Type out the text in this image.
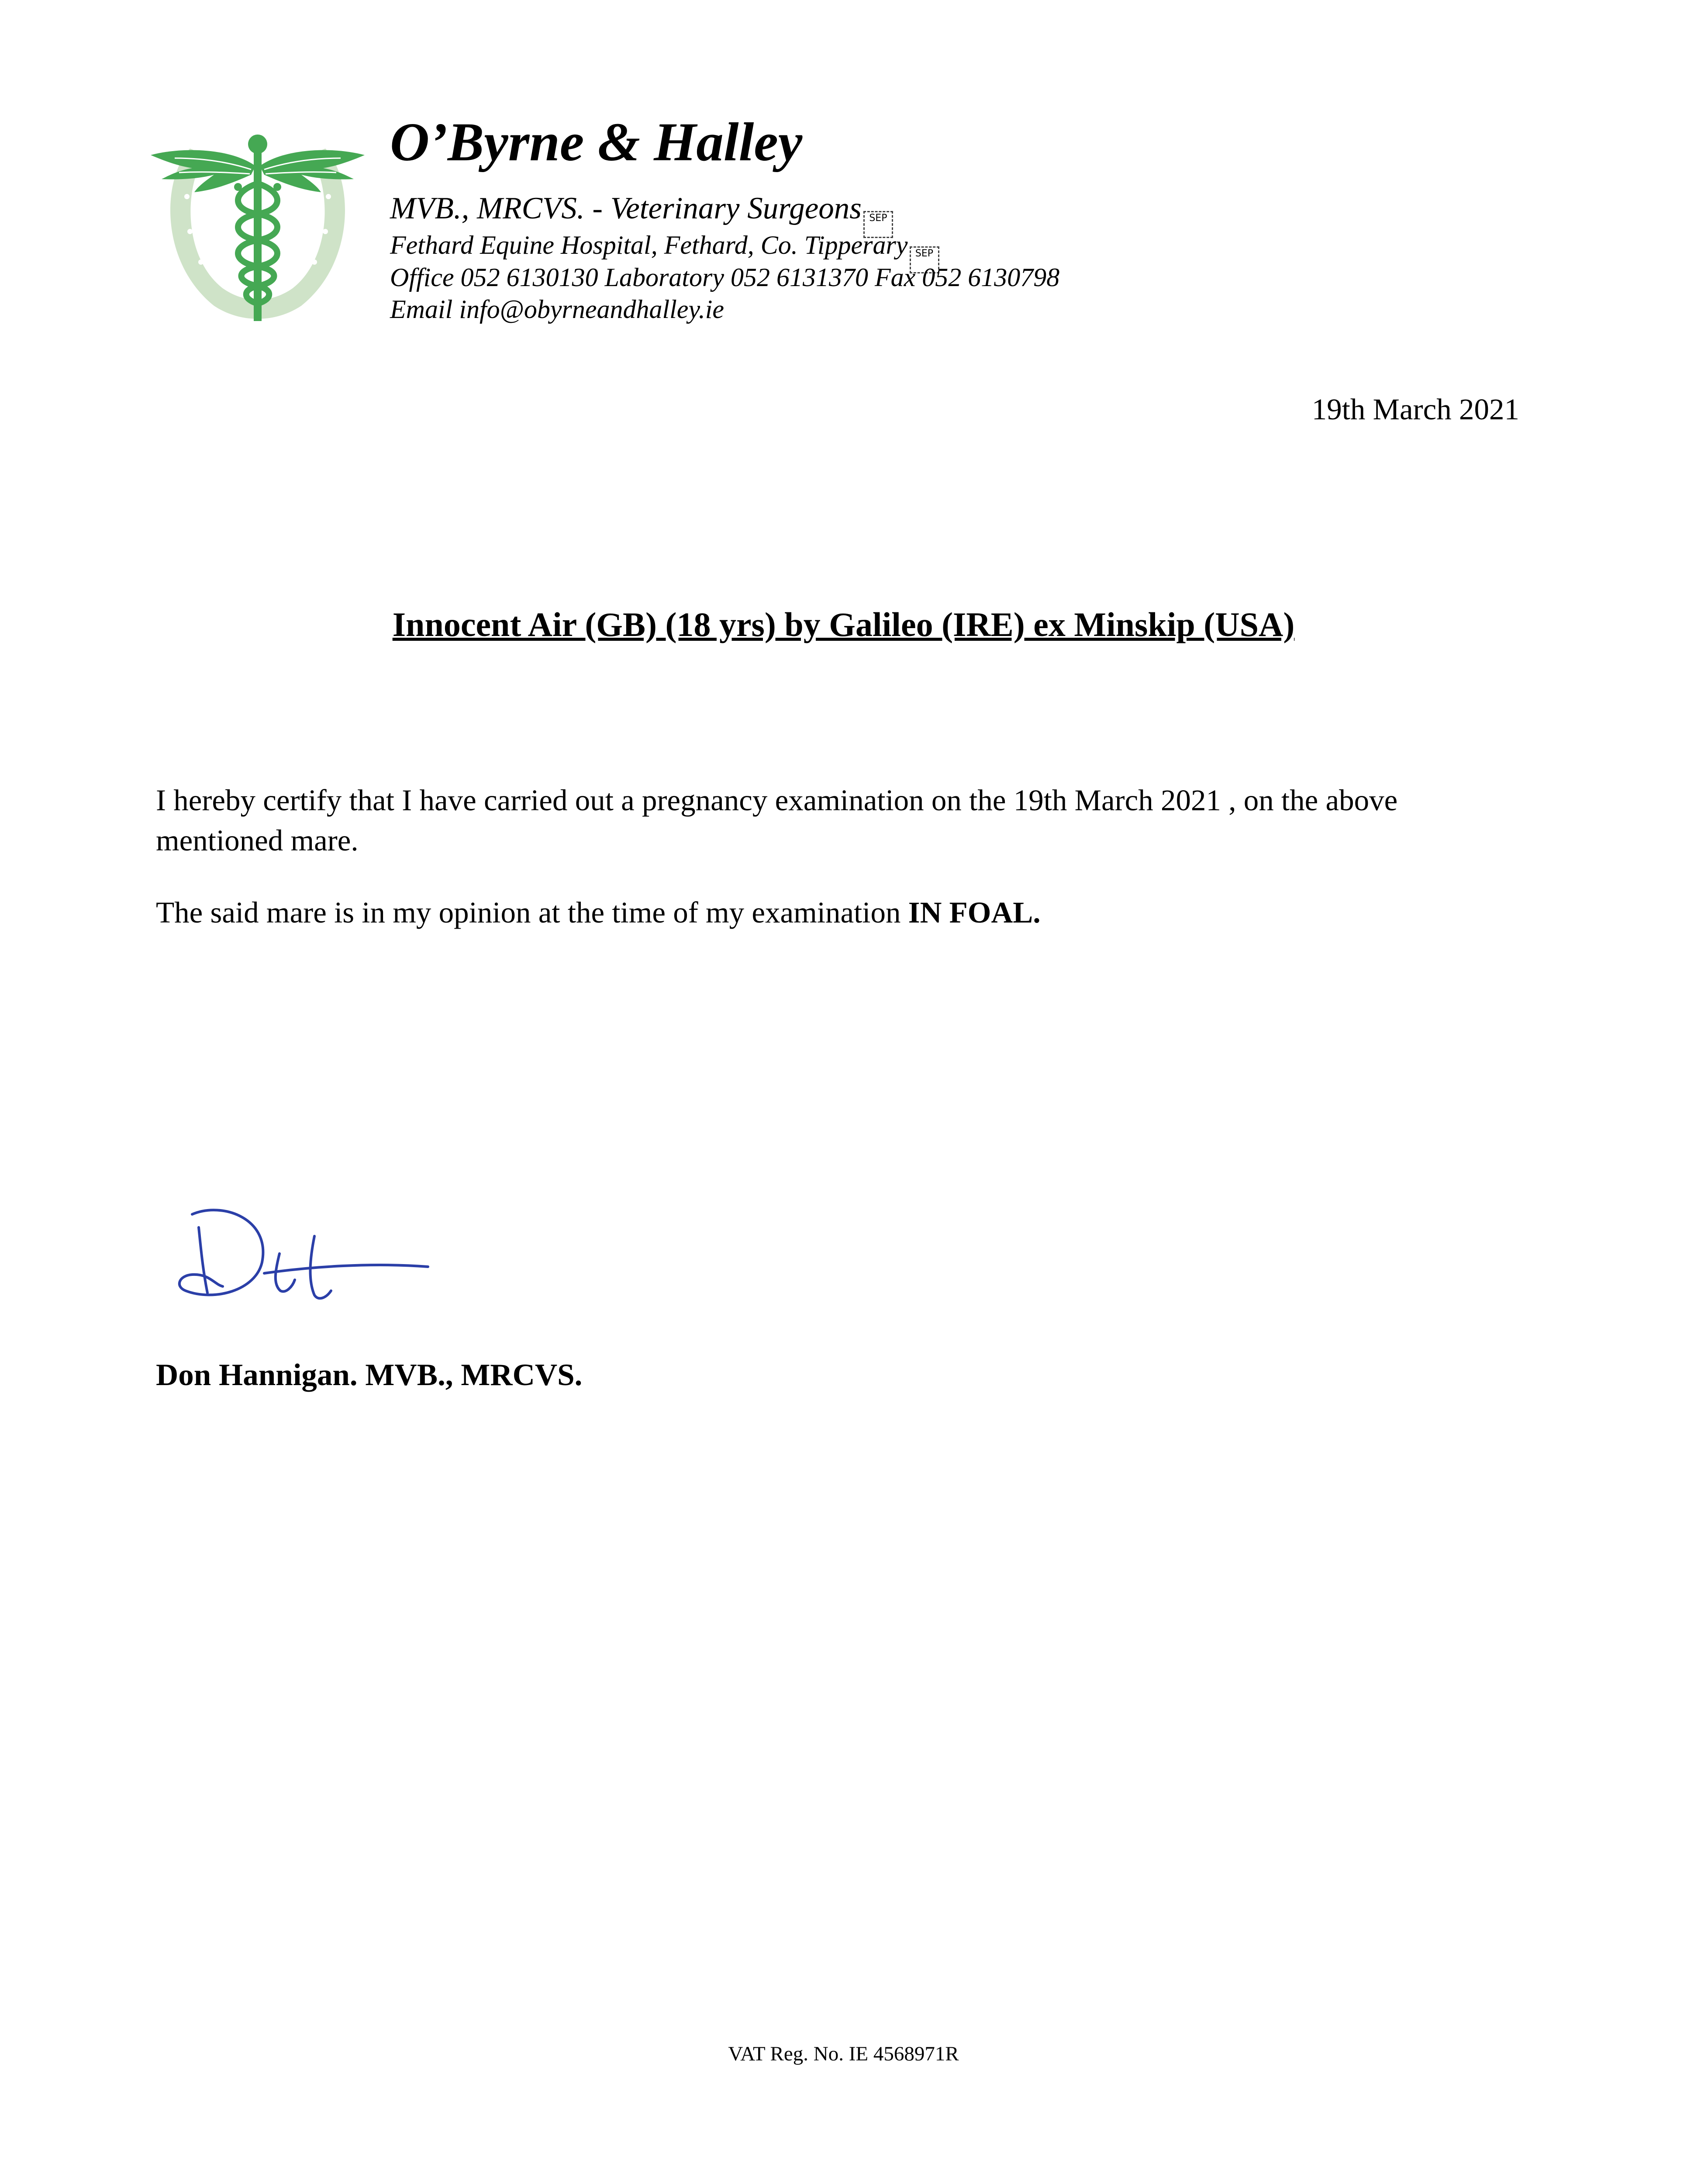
O’Byrne & Halley
MVB., MRCVS. - Veterinary Surgeons SEP
Fethard Equine Hospital, Fethard, Co. Tipperary SEP
Office 052 6130130 Laboratory 052 6131370 Fax 052 6130798
Email info@obyrneandhalley.ie
19th March 2021
Innocent Air (GB) (18 yrs) by Galileo (IRE) ex Minskip (USA)
I hereby certify that I have carried out a pregnancy examination on the 19th March 2021 , on the above mentioned mare.
The said mare is in my opinion at the time of my examination IN FOAL.
Don Hannigan. MVB., MRCVS.
VAT Reg. No. IE 4568971R
